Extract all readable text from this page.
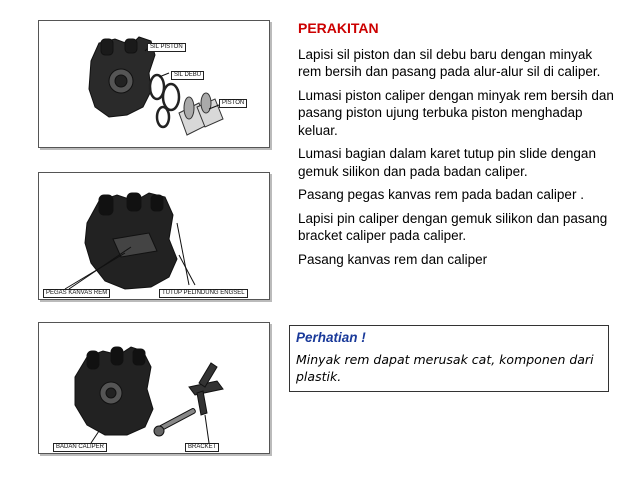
SIL PISTON
SIL DEBU
PISTON
PEGAS KANVAS REM	TUTUP PELINDUNG ENGSEL
BADAN CALIPER	BRACKET
PERAKITAN

Lapisi sil piston dan sil debu baru dengan minyak rem bersih dan pasang pada alur-alur sil di caliper.

Lumasi piston caliper dengan minyak rem bersih dan pasang piston ujung terbuka piston menghadap keluar.

Lumasi bagian dalam karet tutup pin slide dengan gemuk silikon dan pada badan caliper.

Pasang pegas kanvas rem pada badan caliper .

Lapisi pin caliper dengan gemuk silikon dan pasang bracket caliper pada caliper.

Pasang kanvas rem dan caliper

Perhatian !
Minyak rem dapat merusak cat, komponen dari plastik.
